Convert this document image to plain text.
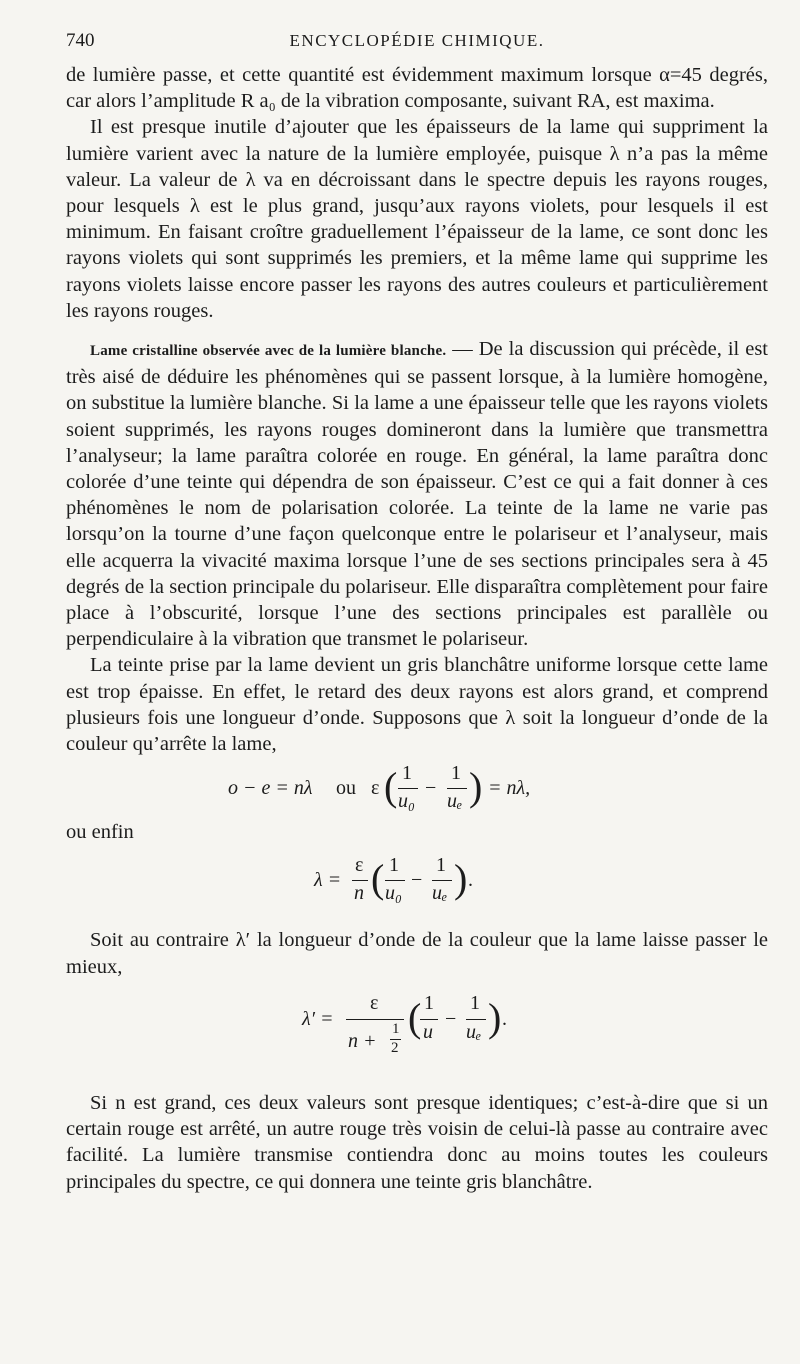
740	ENCYCLOPÉDIE CHIMIQUE.

de lumière passe, et cette quantité est évidemment maximum lorsque α=45 degrés, car alors l’amplitude R a₀ de la vibration composante, suivant RA, est maxima.

Il est presque inutile d’ajouter que les épaisseurs de la lame qui suppriment la lumière varient avec la nature de la lumière employée, puisque λ n’a pas la même valeur. La valeur de λ va en décroissant dans le spectre depuis les rayons rouges, pour lesquels λ est le plus grand, jusqu’aux rayons violets, pour lesquels il est minimum. En faisant croître graduellement l’épaisseur de la lame, ce sont donc les rayons violets qui sont supprimés les premiers, et la même lame qui supprime les rayons violets laisse encore passer les rayons des autres couleurs et particulièrement les rayons rouges.

Lame cristalline observée avec de la lumière blanche. — De la discussion qui précède, il est très aisé de déduire les phénomènes qui se passent lorsque, à la lumière homogène, on substitue la lumière blanche. Si la lame a une épaisseur telle que les rayons violets soient supprimés, les rayons rouges domineront dans la lumière que transmettra l’analyseur; la lame paraîtra colorée en rouge. En général, la lame paraîtra donc colorée d’une teinte qui dépendra de son épaisseur. C’est ce qui a fait donner à ces phénomènes le nom de polarisation colorée. La teinte de la lame ne varie pas lorsqu’on la tourne d’une façon quelconque entre le polariseur et l’analyseur, mais elle acquerra la vivacité maxima lorsque l’une de ses sections principales sera à 45 degrés de la section principale du polariseur. Elle disparaîtra complètement pour faire place à l’obscurité, lorsque l’une des sections principales est parallèle ou perpendiculaire à la vibration que transmet le polariseur.

La teinte prise par la lame devient un gris blanchâtre uniforme lorsque cette lame est trop épaisse. En effet, le retard des deux rayons est alors grand, et comprend plusieurs fois une longueur d’onde. Supposons que λ soit la longueur d’onde de la couleur qu’arrête la lame,

o − e = nλ ou ε ( 1
u₀
−
1
uₑ ) = nλ,

ou enfin

λ =
ε
n ( 1
u₀
−
1
uₑ ) .

Soit au contraire λ′ la longueur d’onde de la couleur que la lame laisse passer le mieux,

λ′ =
ε
n +
1
2
( 1
u
−
1
uₑ ) .

Si n est grand, ces deux valeurs sont presque identiques; c’est-à-dire que si un certain rouge est arrêté, un autre rouge très voisin de celui-là passe au contraire avec facilité. La lumière transmise contiendra donc au moins toutes les couleurs principales du spectre, ce qui donnera une teinte gris blanchâtre.
